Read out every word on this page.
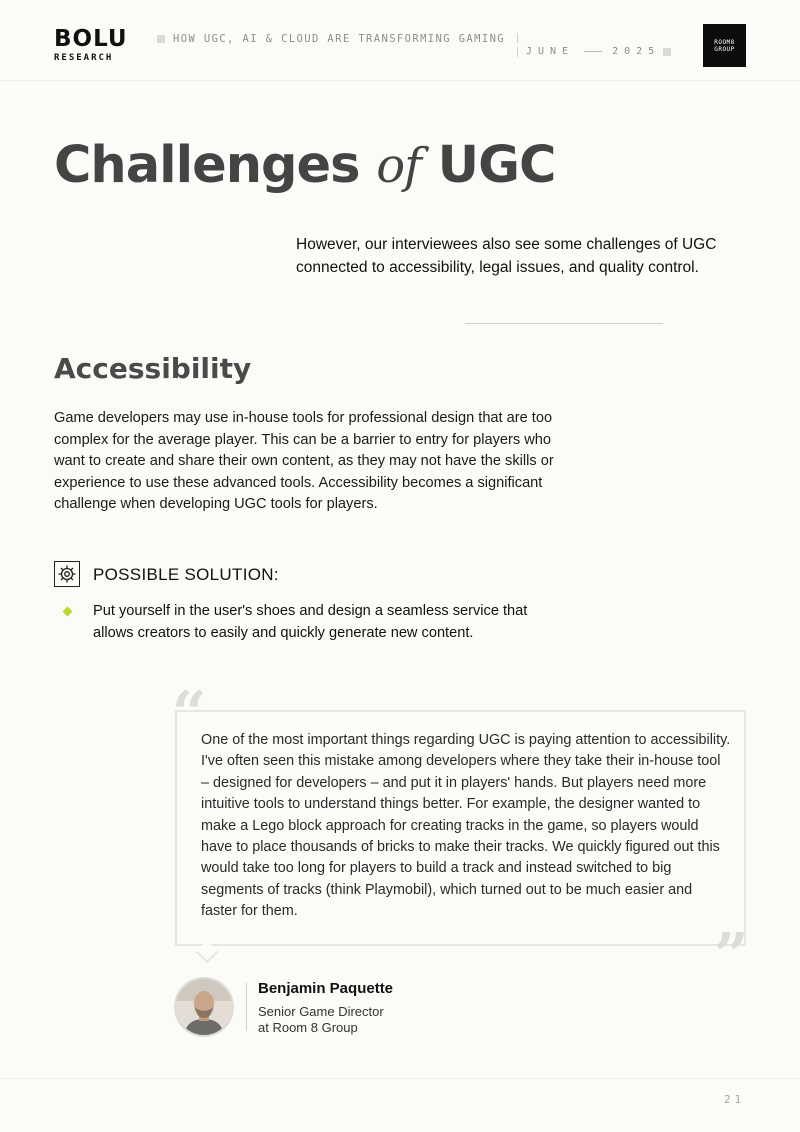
BOLU
RESEARCH
HOW UGC, AI & CLOUD ARE TRANSFORMING GAMING
JUNE	2025
ROOM8
GROUP
Challenges of UGC
However, our interviewees also see some challenges of UGC connected to accessibility, legal issues, and quality control.
Accessibility
Game developers may use in-house tools for professional design that are too complex for the average player. This can be a barrier to entry for players who want to create and share their own content, as they may not have the skills or experience to use these advanced tools. Accessibility becomes a significant challenge when developing UGC tools for players.
POSSIBLE SOLUTION:
Put yourself in the user's shoes and design a seamless service that allows creators to easily and quickly generate new content.
“
”
One of the most important things regarding UGC is paying attention to accessibility. I've often seen this mistake among developers where they take their in-house tool – designed for developers – and put it in players' hands. But players need more intuitive tools to understand things better. For example, the designer wanted to make a Lego block approach for creating tracks in the game, so players would have to place thousands of bricks to make their tracks. We quickly figured out this would take too long for players to build a track and instead switched to big segments of tracks (think Playmobil), which turned out to be much easier and faster for them.
Benjamin Paquette
Senior Game Director
at Room 8 Group
21
